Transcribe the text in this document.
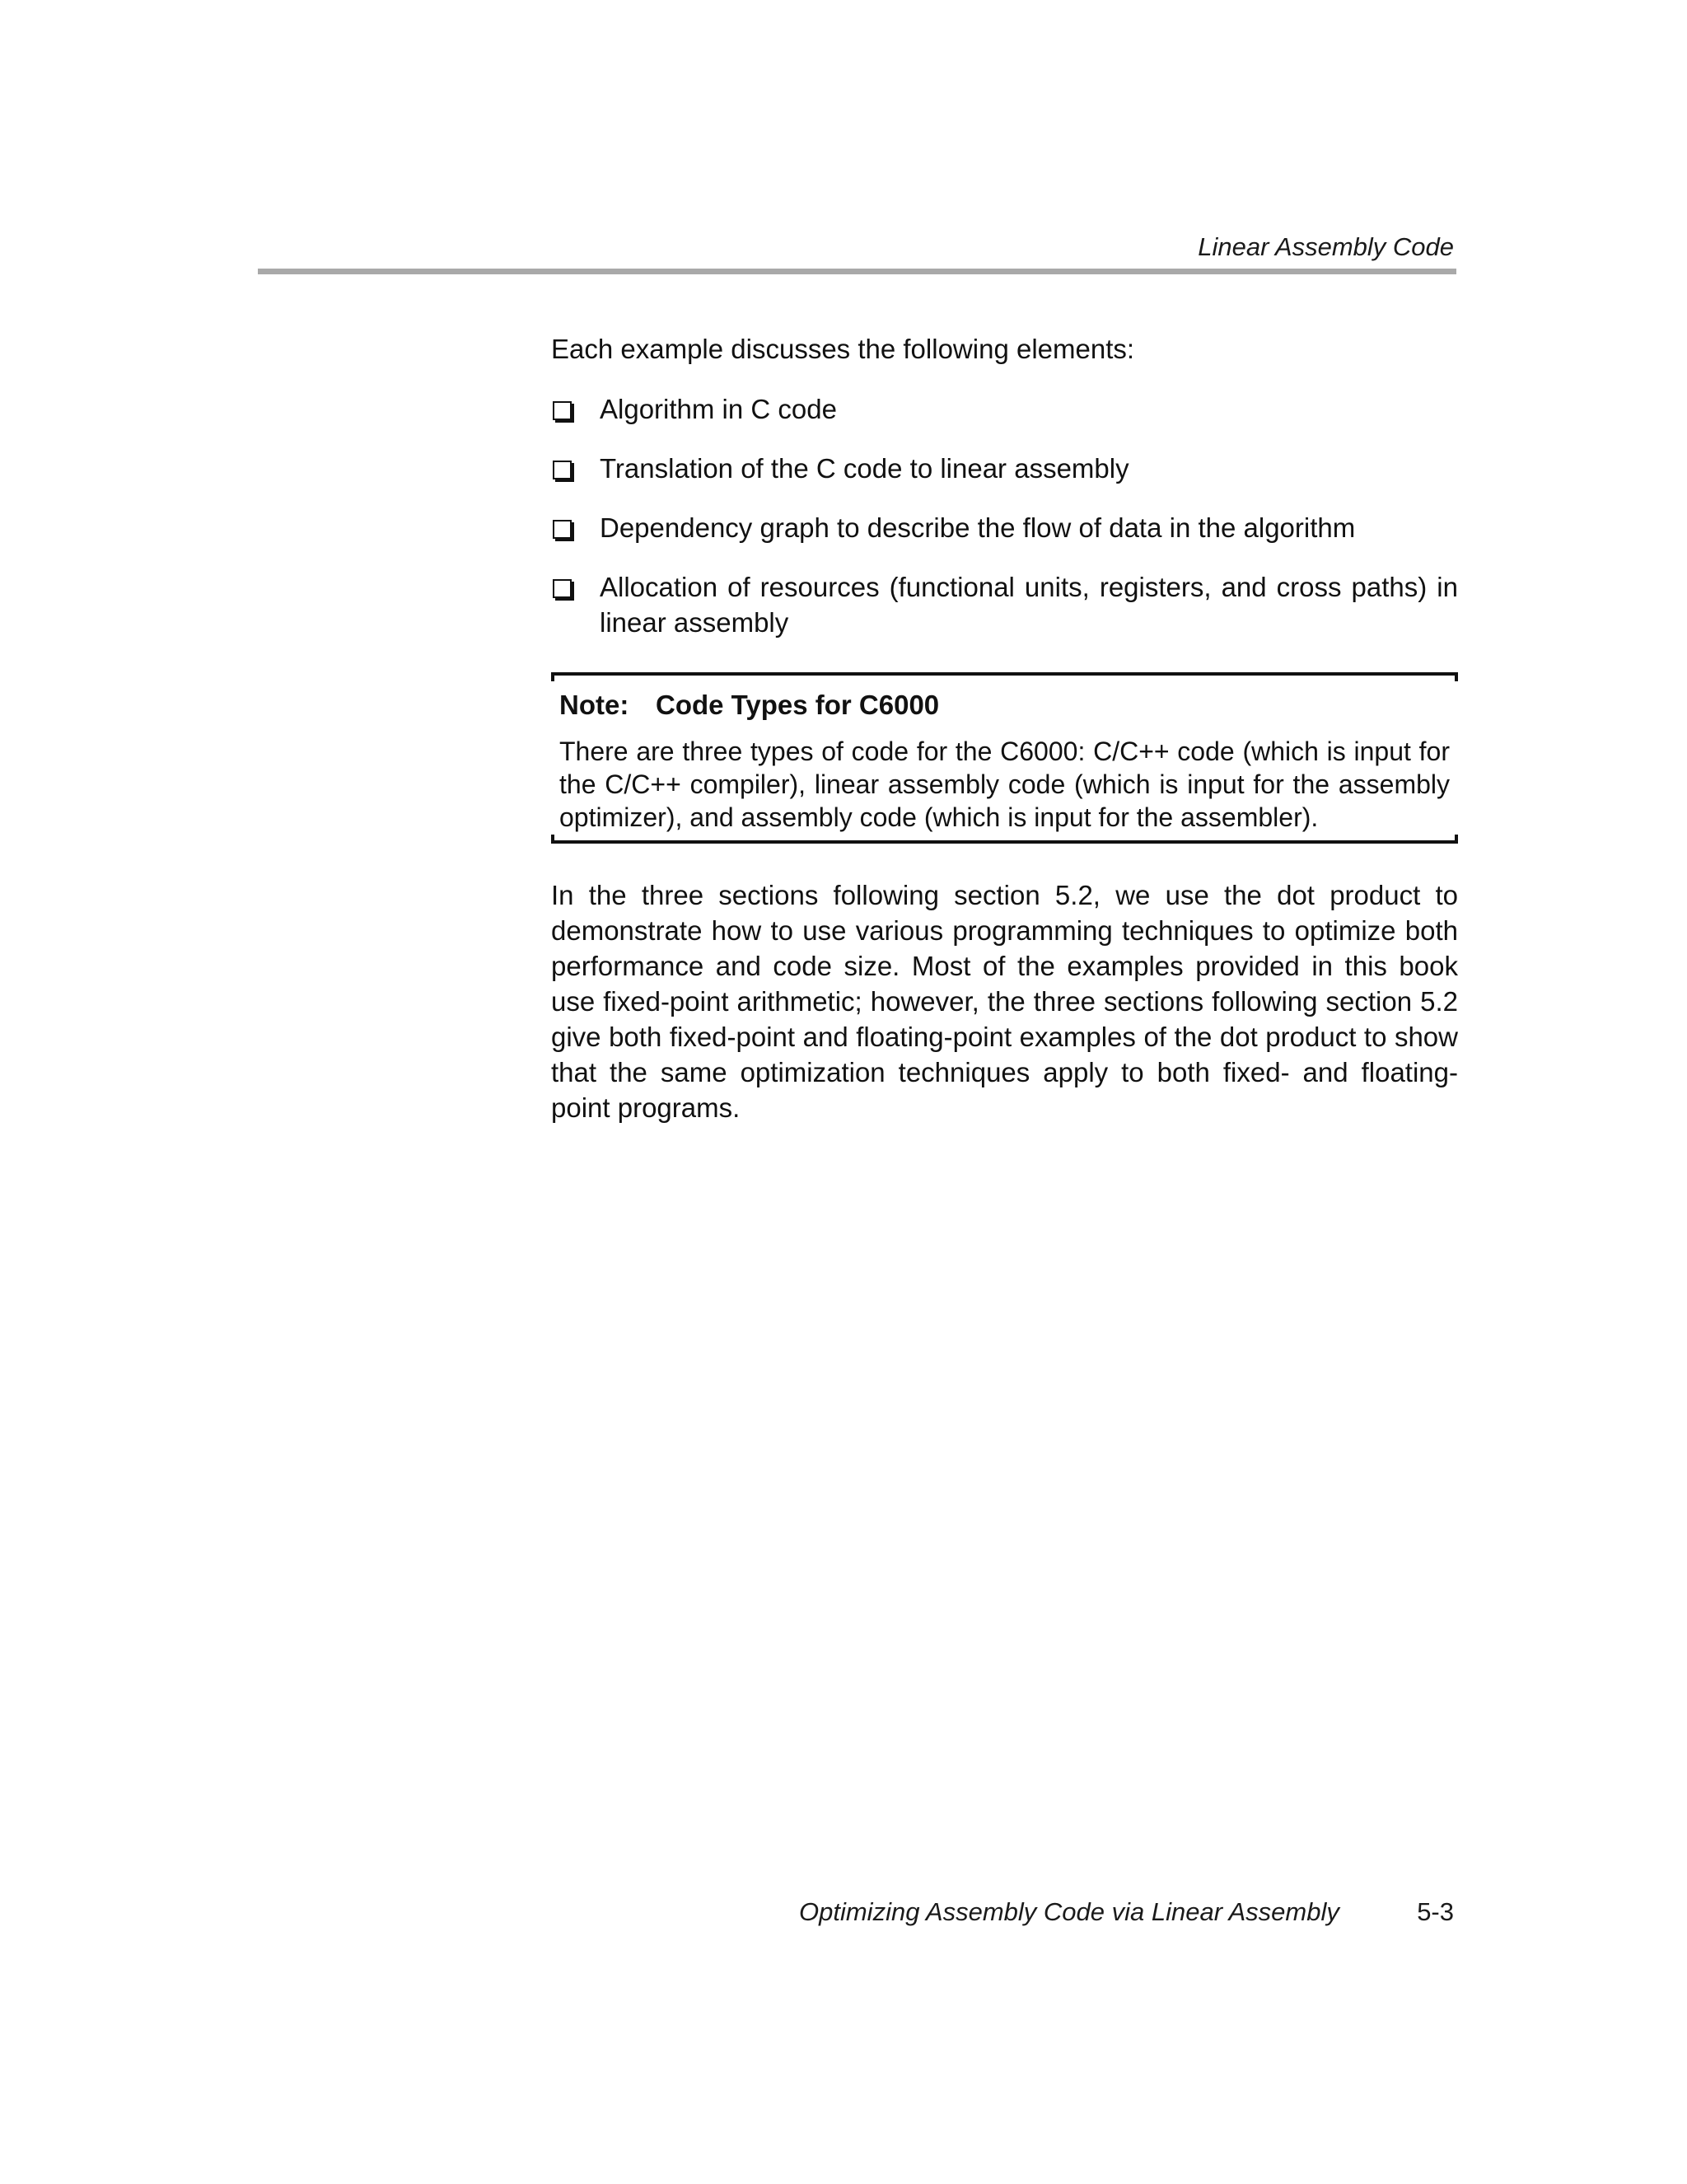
Linear Assembly Code

Each example discusses the following elements:

Algorithm in C code
Translation of the C code to linear assembly
Dependency graph to describe the flow of data in the algorithm
Allocation of resources (functional units, registers, and cross paths) in linear assembly
Note: Code Types for C6000
There are three types of code for the C6000: C/C++ code (which is input for the C/C++ compiler), linear assembly code (which is input for the assembly optimizer), and assembly code (which is input for the assembler).

In the three sections following section 5.2, we use the dot product to demonstrate how to use various programming techniques to optimize both performance and code size. Most of the examples provided in this book use fixed-point arithmetic; however, the three sections following section 5.2 give both fixed-point and floating-point examples of the dot product to show that the same optimization techniques apply to both fixed- and floating-point programs.

Optimizing Assembly Code via Linear Assembly	5-3
